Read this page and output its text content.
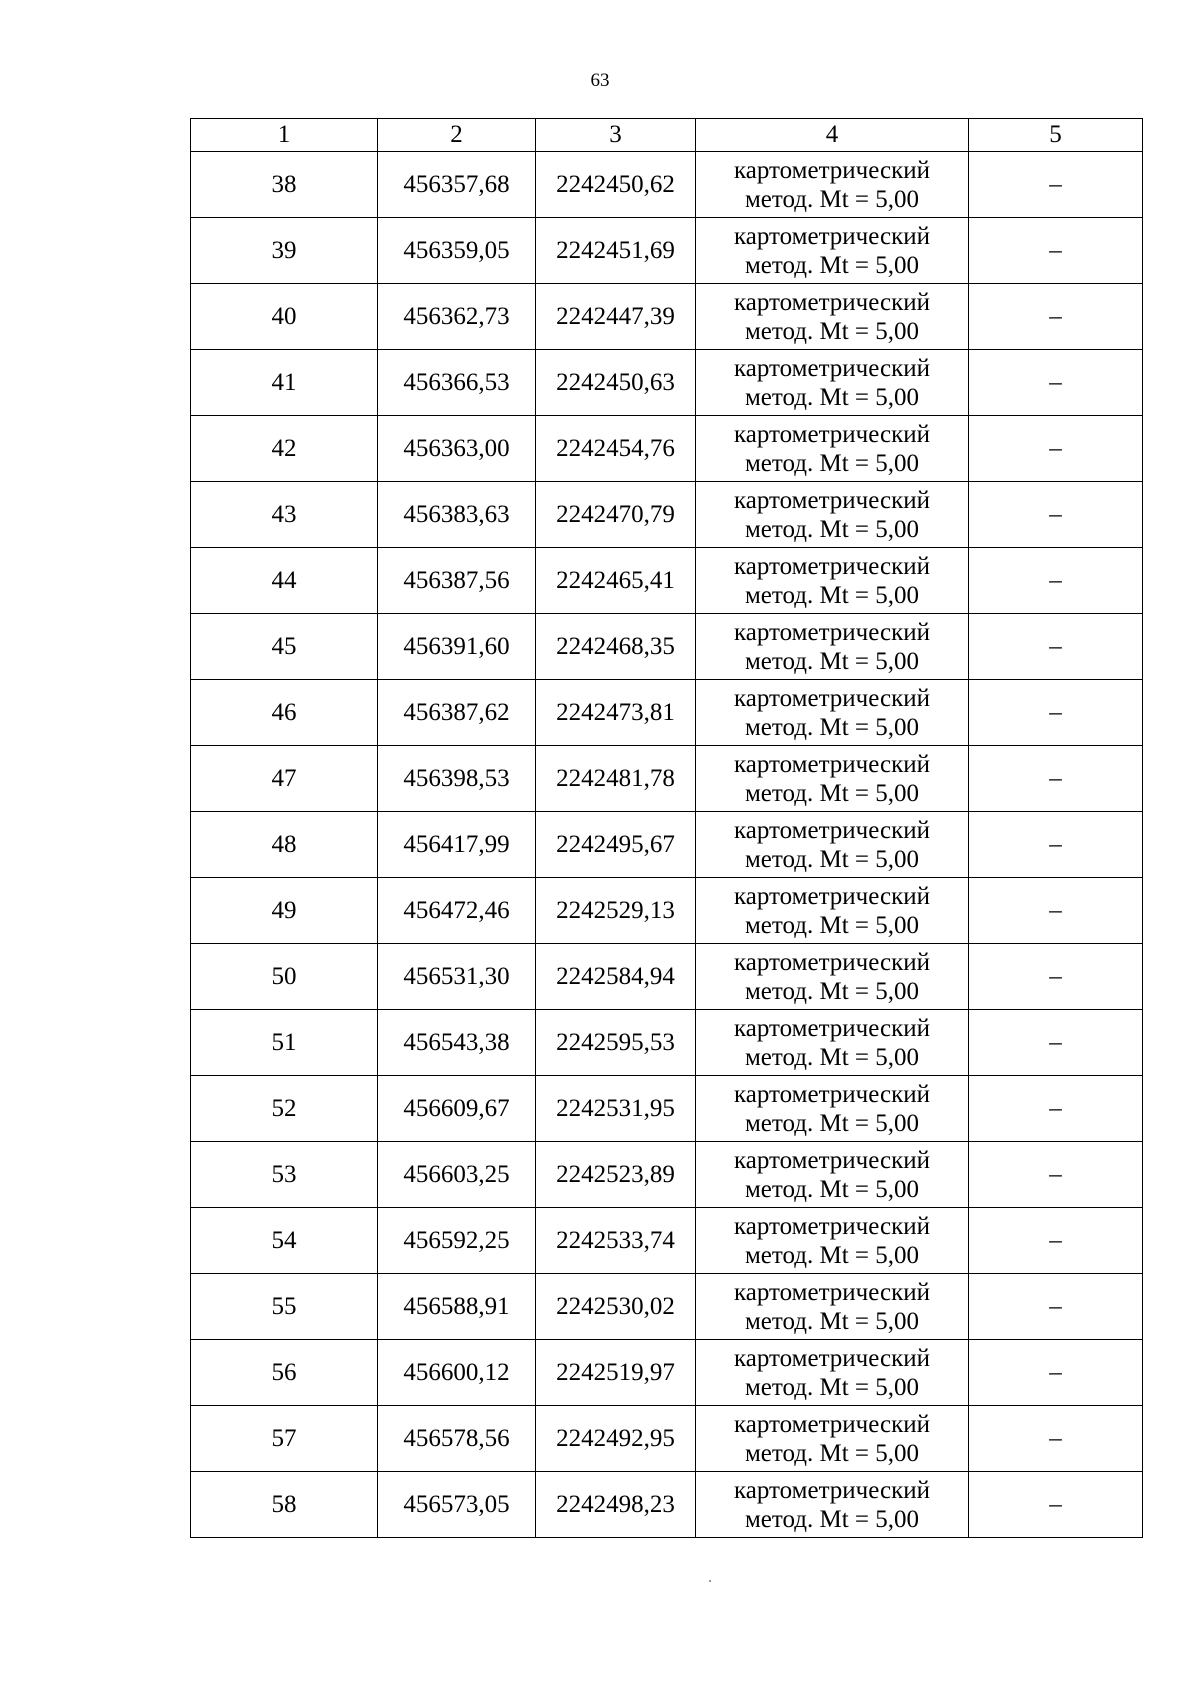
63
1	2	3	4	5
38	456357,68	2242450,62	картометрический
метод. Mt = 5,00	–
39	456359,05	2242451,69	картометрический
метод. Mt = 5,00	–
40	456362,73	2242447,39	картометрический
метод. Mt = 5,00	–
41	456366,53	2242450,63	картометрический
метод. Mt = 5,00	–
42	456363,00	2242454,76	картометрический
метод. Mt = 5,00	–
43	456383,63	2242470,79	картометрический
метод. Mt = 5,00	–
44	456387,56	2242465,41	картометрический
метод. Mt = 5,00	–
45	456391,60	2242468,35	картометрический
метод. Mt = 5,00	–
46	456387,62	2242473,81	картометрический
метод. Mt = 5,00	–
47	456398,53	2242481,78	картометрический
метод. Mt = 5,00	–
48	456417,99	2242495,67	картометрический
метод. Mt = 5,00	–
49	456472,46	2242529,13	картометрический
метод. Mt = 5,00	–
50	456531,30	2242584,94	картометрический
метод. Mt = 5,00	–
51	456543,38	2242595,53	картометрический
метод. Mt = 5,00	–
52	456609,67	2242531,95	картометрический
метод. Mt = 5,00	–
53	456603,25	2242523,89	картометрический
метод. Mt = 5,00	–
54	456592,25	2242533,74	картометрический
метод. Mt = 5,00	–
55	456588,91	2242530,02	картометрический
метод. Mt = 5,00	–
56	456600,12	2242519,97	картометрический
метод. Mt = 5,00	–
57	456578,56	2242492,95	картометрический
метод. Mt = 5,00	–
58	456573,05	2242498,23	картометрический
метод. Mt = 5,00	–
